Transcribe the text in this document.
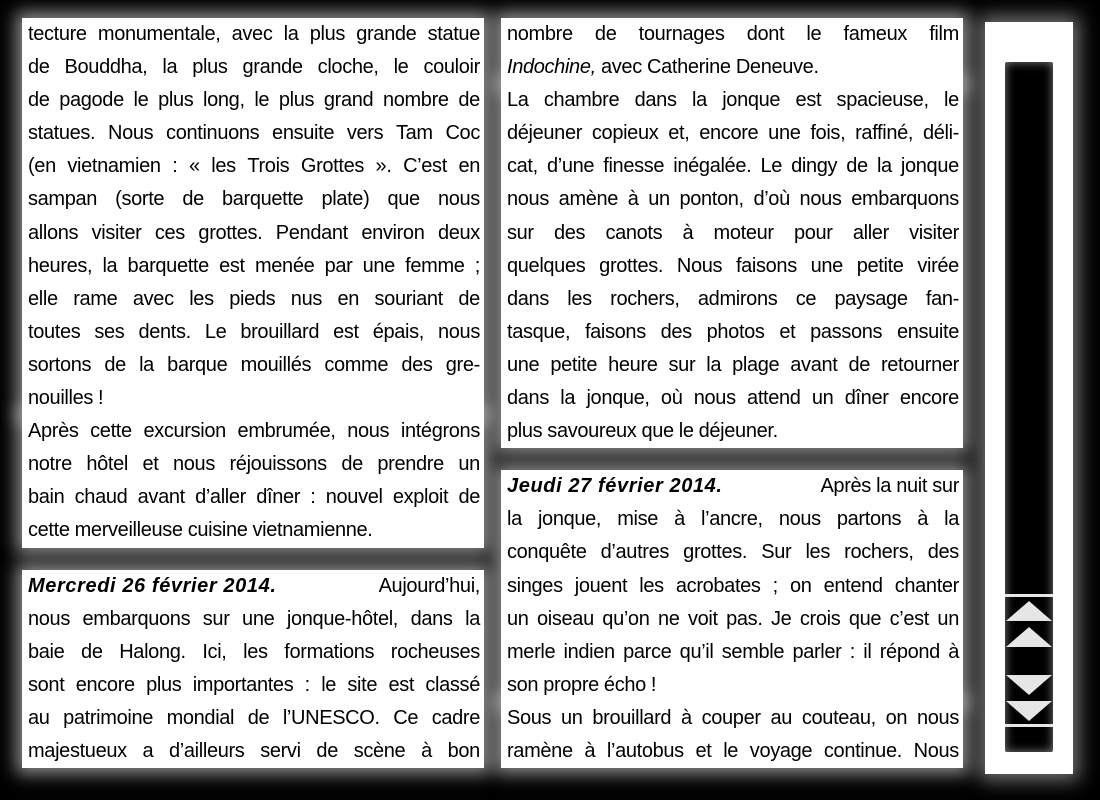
tecture monumentale, avec la plus grande statue
de Bouddha, la plus grande cloche, le couloir
de pagode le plus long, le plus grand nombre de
statues. Nous continuons ensuite vers Tam Coc
(en vietnamien : « les Trois Grottes ». C’est en
sampan (sorte de barquette plate) que nous
allons visiter ces grottes. Pendant environ deux
heures, la barquette est menée par une femme ;
elle rame avec les pieds nus en souriant de
toutes ses dents. Le brouillard est épais, nous
sortons de la barque mouillés comme des gre-
nouilles !
Après cette excursion embrumée, nous intégrons
notre hôtel et nous réjouissons de prendre un
bain chaud avant d’aller dîner : nouvel exploit de
cette merveilleuse cuisine vietnamienne.
Mercredi 26 février 2014.	Aujourd’hui,
nous embarquons sur une jonque-hôtel, dans la
baie de Halong. Ici, les formations rocheuses
sont encore plus importantes : le site est classé
au patrimoine mondial de l’UNESCO. Ce cadre
majestueux a d’ailleurs servi de scène à bon
nombre de tournages dont le fameux film
Indochine, avec Catherine Deneuve.
La chambre dans la jonque est spacieuse, le
déjeuner copieux et, encore une fois, raffiné, déli-
cat, d’une finesse inégalée. Le dingy de la jonque
nous amène à un ponton, d’où nous embarquons
sur des canots à moteur pour aller visiter
quelques grottes. Nous faisons une petite virée
dans les rochers, admirons ce paysage fan-
tasque, faisons des photos et passons ensuite
une petite heure sur la plage avant de retourner
dans la jonque, où nous attend un dîner encore
plus savoureux que le déjeuner.
Jeudi 27 février 2014.	Après la nuit sur
la jonque, mise à l’ancre, nous partons à la
conquête d’autres grottes. Sur les rochers, des
singes jouent les acrobates ; on entend chanter
un oiseau qu’on ne voit pas. Je crois que c’est un
merle indien parce qu’il semble parler : il répond à
son propre écho !
Sous un brouillard à couper au couteau, on nous
ramène à l’autobus et le voyage continue. Nous
